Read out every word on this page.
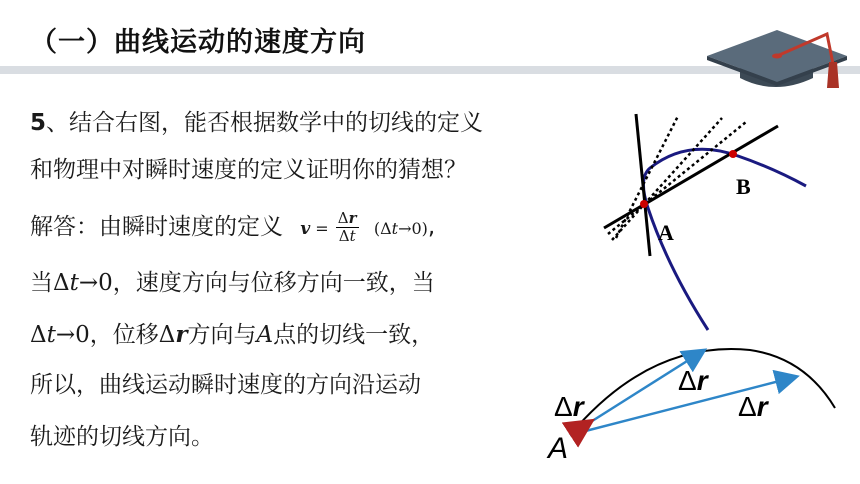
（一）曲线运动的速度方向
5、结合右图，能否根据数学中的切线的定义
和物理中对瞬时速度的定义证明你的猜想？
解答：由瞬时速度的定义 $v = \frac{\Delta r}{\Delta t} (\Delta t\to 0)$,
当Δt→0，速度方向与位移方向一致，当
Δt→0，位移Δr方向与A点的切线一致，
所以，曲线运动瞬时速度的方向沿运动
轨迹的切线方向。
A
B
A
Δr
Δr
Δr
